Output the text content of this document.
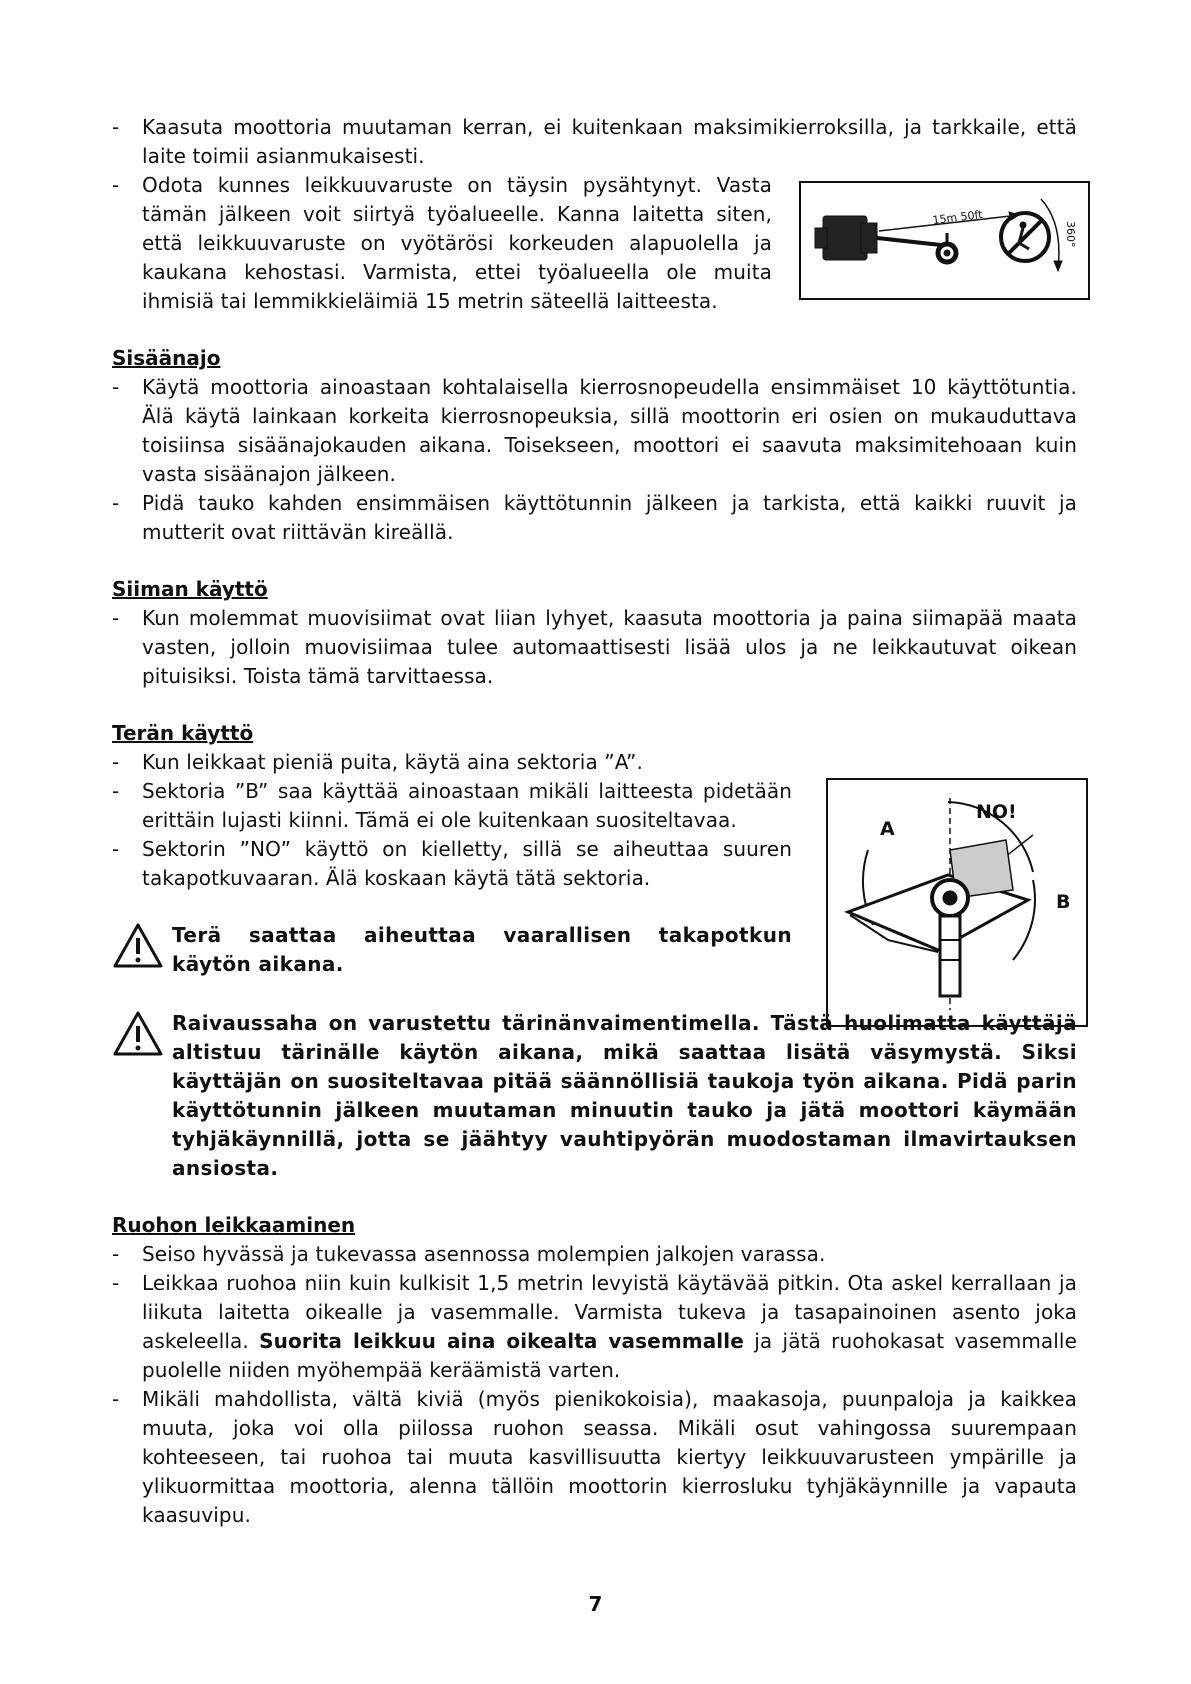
15m 50ft
360°
A
B
NO!
- Kaasuta moottoria muutaman kerran, ei kuitenkaan maksimikierroksilla, ja tarkkaile, että laite toimii asianmukaisesti.
- Odota kunnes leikkuuvaruste on täysin pysähtynyt. Vasta tämän jälkeen voit siirtyä työalueelle. Kanna laitetta siten, että leikkuuvaruste on vyötärösi korkeuden alapuolella ja kaukana kehostasi. Varmista, ettei työalueella ole muita ihmisiä tai lemmikkieläimiä 15 metrin säteellä laitteesta.
Sisäänajo
- Käytä moottoria ainoastaan kohtalaisella kierrosnopeudella ensimmäiset 10 käyttötuntia. Älä käytä lainkaan korkeita kierrosnopeuksia, sillä moottorin eri osien on mukauduttava toisiinsa sisäänajokauden aikana. Toisekseen, moottori ei saavuta maksimitehoaan kuin vasta sisäänajon jälkeen.
- Pidä tauko kahden ensimmäisen käyttötunnin jälkeen ja tarkista, että kaikki ruuvit ja mutterit ovat riittävän kireällä.
Siiman käyttö
- Kun molemmat muovisiimat ovat liian lyhyet, kaasuta moottoria ja paina siimapää maata vasten, jolloin muovisiimaa tulee automaattisesti lisää ulos ja ne leikkautuvat oikean pituisiksi. Toista tämä tarvittaessa.
Terän käyttö
- Kun leikkaat pieniä puita, käytä aina sektoria ”A”.
- Sektoria ”B” saa käyttää ainoastaan mikäli laitteesta pidetään erittäin lujasti kiinni. Tämä ei ole kuitenkaan suositeltavaa.
- Sektorin ”NO” käyttö on kielletty, sillä se aiheuttaa suuren takapotkuvaaran. Älä koskaan käytä tätä sektoria.
Terä saattaa aiheuttaa vaarallisen takapotkun käytön aikana.
Raivaussaha on varustettu tärinänvaimentimella. Tästä huolimatta käyttäjä altistuu tärinälle käytön aikana, mikä saattaa lisätä väsymystä. Siksi käyttäjän on suositeltavaa pitää säännöllisiä taukoja työn aikana. Pidä parin käyttötunnin jälkeen muutaman minuutin tauko ja jätä moottori käymään tyhjäkäynnillä, jotta se jäähtyy vauhtipyörän muodostaman ilmavirtauksen ansiosta.
Ruohon leikkaaminen
- Seiso hyvässä ja tukevassa asennossa molempien jalkojen varassa.
- Leikkaa ruohoa niin kuin kulkisit 1,5 metrin levyistä käytävää pitkin. Ota askel kerrallaan ja liikuta laitetta oikealle ja vasemmalle. Varmista tukeva ja tasapainoinen asento joka askeleella. Suorita leikkuu aina oikealta vasemmalle ja jätä ruohokasat vasemmalle puolelle niiden myöhempää keräämistä varten.
- Mikäli mahdollista, vältä kiviä (myös pienikokoisia), maakasoja, puunpaloja ja kaikkea muuta, joka voi olla piilossa ruohon seassa. Mikäli osut vahingossa suurempaan kohteeseen, tai ruohoa tai muuta kasvillisuutta kiertyy leikkuuvarusteen ympärille ja ylikuormittaa moottoria, alenna tällöin moottorin kierrosluku tyhjäkäynnille ja vapauta kaasuvipu.
7
